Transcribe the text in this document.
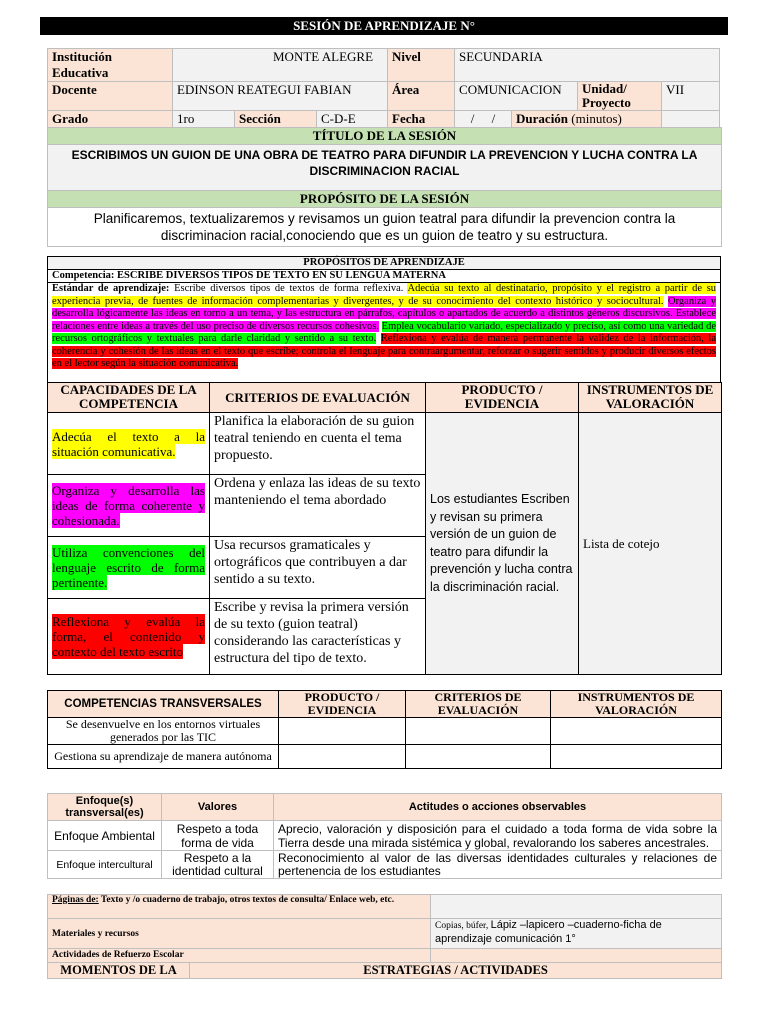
SESIÓN DE APRENDIZAJE N°
Institución Educativa	MONTE ALEGRE			Nivel	SECUNDARIA			
Docente	EDINSON REATEGUI FABIAN			Área	COMUNICACION		Unidad/ Proyecto	VII
Grado	1ro	Sección	C-D-E	Fecha	/ /	Duración (minutos)		
TÍTULO DE LA SESIÓN
ESCRIBIMOS UN GUION DE UNA OBRA DE TEATRO PARA DIFUNDIR LA PREVENCION Y LUCHA CONTRA LA DISCRIMINACION RACIAL
PROPÓSITO DE LA SESIÓN
Planificaremos, textualizaremos y revisamos un guion teatral para difundir la prevencion contra la discriminacion racial,conociendo que es un guion de teatro y su estructura.
PROPÓSITOS DE APRENDIZAJE
Competencia: ESCRIBE DIVERSOS TIPOS DE TEXTO EN SU LENGUA MATERNA
Estándar de aprendizaje: Escribe diversos tipos de textos de forma reflexiva. Adecúa su texto al destinatario, propósito y el registro a partir de su experiencia previa, de fuentes de información complementarias y divergentes, y de su conocimiento del contexto histórico y sociocultural. Organiza y desarrolla lógicamente las ideas en torno a un tema, y las estructura en párrafos, capítulos o apartados de acuerdo a distintos géneros discursivos. Establece relaciones entre ideas a través del uso preciso de diversos recursos cohesivos. Emplea vocabulario variado, especializado y preciso, así como una variedad de recursos ortográficos y textuales para darle claridad y sentido a su texto. Reflexiona y evalúa de manera permanente la validez de la información, la coherencia y cohesión de las ideas en el texto que escribe; controla el lenguaje para contraargumentar, reforzar o sugerir sentidos y producir diversos efectos en el lector según la situación comunicativa.
CAPACIDADES DE LA COMPETENCIA	CRITERIOS DE EVALUACIÓN	PRODUCTO / EVIDENCIA	INSTRUMENTOS DE VALORACIÓN
Adecúa el texto a la situación comunicativa.	Planifica la elaboración de su guion teatral teniendo en cuenta el tema propuesto.	Los estudiantes Escriben y revisan su primera versión de un guion de teatro para difundir la prevención y lucha contra la discriminación racial.	Lista de cotejo
Organiza y desarrolla las ideas de forma coherente y cohesionada.	Ordena y enlaza las ideas de su texto manteniendo el tema abordado		
Utiliza convenciones del lenguaje escrito de forma pertinente.	Usa recursos gramaticales y ortográficos que contribuyen a dar sentido a su texto.		
Reflexiona y evalúa la forma, el contenido y contexto del texto escrito	Escribe y revisa la primera versión de su texto (guion teatral) considerando las características y estructura del tipo de texto.		
COMPETENCIAS TRANSVERSALES	PRODUCTO / EVIDENCIA	CRITERIOS DE EVALUACIÓN	INSTRUMENTOS DE VALORACIÓN
Se desenvuelve en los entornos virtuales generados por las TIC			
Gestiona su aprendizaje de manera autónoma			
Enfoque(s) transversal(es)	Valores	Actitudes o acciones observables
Enfoque Ambiental	Respeto a toda forma de vida	Aprecio, valoración y disposición para el cuidado a toda forma de vida sobre la Tierra desde una mirada sistémica y global, revalorando los saberes ancestrales.
Enfoque intercultural	Respeto a la identidad cultural	Reconocimiento al valor de las diversas identidades culturales y relaciones de pertenencia de los estudiantes
Páginas de: Texto y /o cuaderno de trabajo, otros textos de consulta/ Enlace web, etc.		
Materiales y recursos		Copias, búfer, Lápiz –lapicero –cuaderno-ficha de aprendizaje comunicación 1°
Actividades de Refuerzo Escolar		
MOMENTOS DE LA	ESTRATEGIAS / ACTIVIDADES	
